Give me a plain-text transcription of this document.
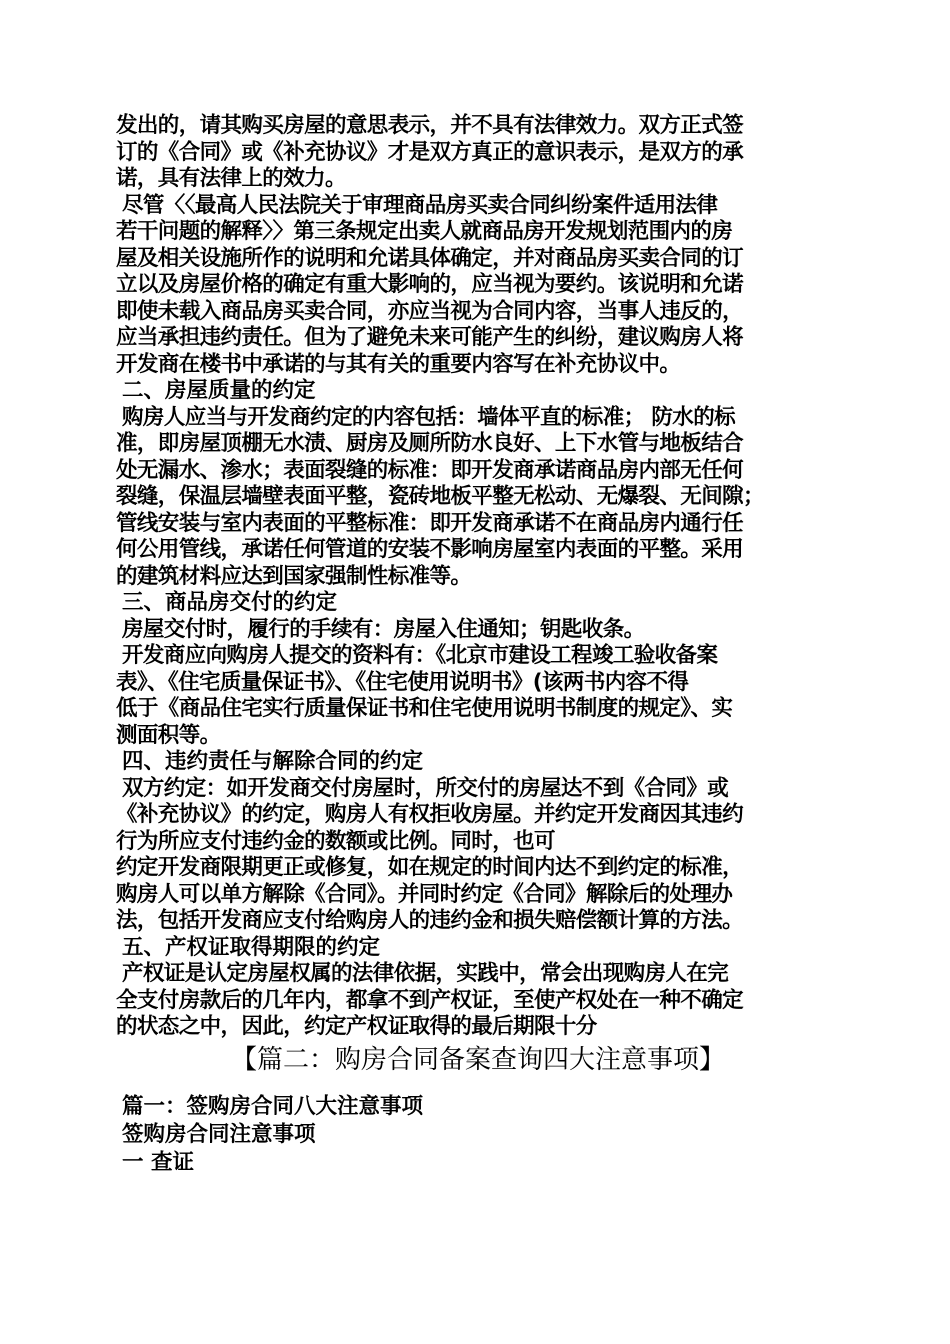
发出的，请其购买房屋的意思表示，并不具有法律效力。双方正式签
订的《合同》或《补充协议》才是双方真正的意识表示，是双方的承
诺，具有法律上的效力。
尽管〈〈最高人民法院关于审理商品房买卖合同纠纷案件适用法律
若干问题的解释〉〉第三条规定出卖人就商品房开发规划范围内的房
屋及相关设施所作的说明和允诺具体确定，并对商品房买卖合同的订
立以及房屋价格的确定有重大影响的，应当视为要约。该说明和允诺
即使未载入商品房买卖合同，亦应当视为合同内容，当事人违反的，
应当承担违约责任。但为了避免未来可能产生的纠纷，建议购房人将
开发商在楼书中承诺的与其有关的重要内容写在补充协议中。
二、房屋质量的约定
购房人应当与开发商约定的内容包括：墙体平直的标准； 防水的标
准，即房屋顶棚无水渍、厨房及厕所防水良好、上下水管与地板结合
处无漏水、渗水；表面裂缝的标准：即开发商承诺商品房内部无任何
裂缝，保温层墙壁表面平整，瓷砖地板平整无松动、无爆裂、无间隙；
管线安装与室内表面的平整标准：即开发商承诺不在商品房内通行任
何公用管线，承诺任何管道的安装不影响房屋室内表面的平整。采用
的建筑材料应达到国家强制性标准等。
三、商品房交付的约定
房屋交付时，履行的手续有：房屋入住通知；钥匙收条。
开发商应向购房人提交的资料有：《北京市建设工程竣工验收备案
表》、《住宅质量保证书》、《住宅使用说明书》(该两书内容不得
低于《商品住宅实行质量保证书和住宅使用说明书制度的规定》、实
测面积等。
四、违约责任与解除合同的约定
双方约定：如开发商交付房屋时，所交付的房屋达不到《合同》或
《补充协议》的约定，购房人有权拒收房屋。并约定开发商因其违约
行为所应支付违约金的数额或比例。同时，也可
约定开发商限期更正或修复，如在规定的时间内达不到约定的标准，
购房人可以单方解除《合同》。并同时约定《合同》解除后的处理办
法，包括开发商应支付给购房人的违约金和损失赔偿额计算的方法。
五、产权证取得期限的约定
产权证是认定房屋权属的法律依据，实践中，常会出现购房人在完
全支付房款后的几年内，都拿不到产权证，至使产权处在一种不确定
的状态之中，因此，约定产权证取得的最后期限十分
【篇二：购房合同备案查询四大注意事项】
篇一：签购房合同八大注意事项
签购房合同注意事项
一 查证
